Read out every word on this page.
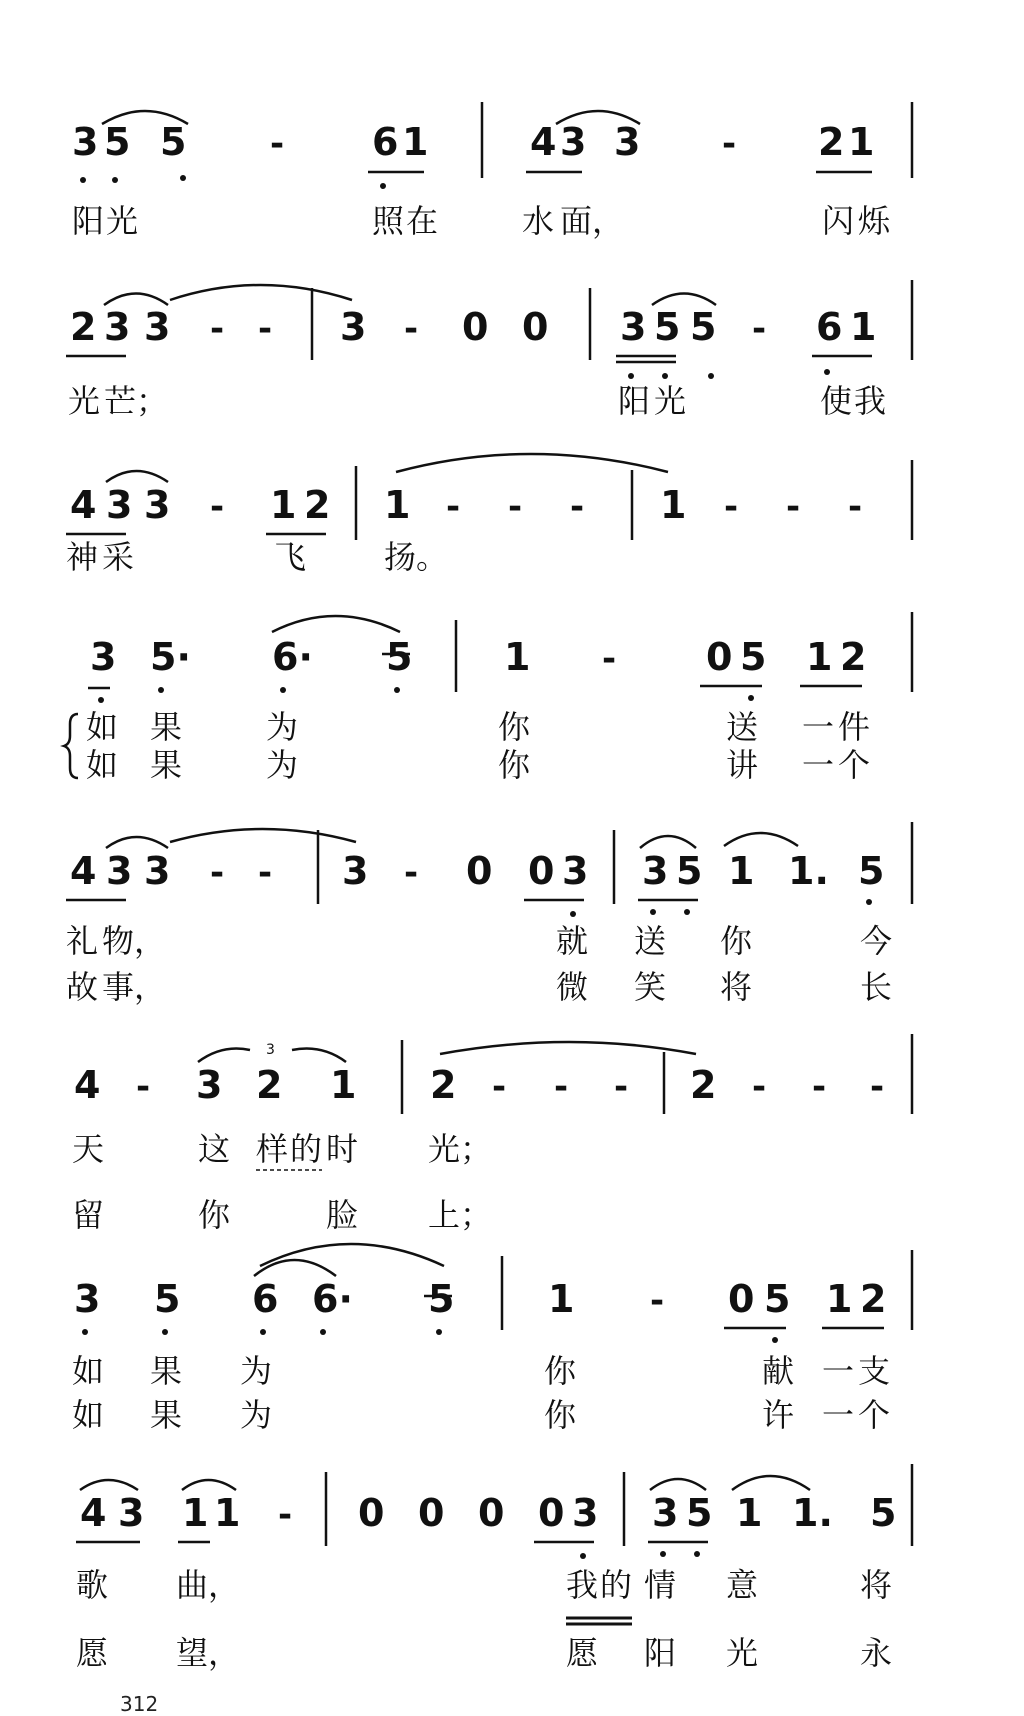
3 5 5 - 6 1	4 3 3 - 2 1
阳 光	照 在	水 面，	闪 烁
2 3 3 - - 3 - 0 0 3 5 5 - 6 1
光 芒；	阳 光	使 我
4 3 3 - 1 2 1 - - - 1 - - -
神 采	飞 扬。
3 5· 6· 5 1 - 0 5 1 2
如 果	为	你	送 一 件
如 果	为	你	讲 一 个
4 3 3 - - 3 - 0 0 3 3 5 1 1. 5
礼 物，	就 送 你	今
故 事，	微 笑 将	长
4 - 3 2 1 2 - - - 2 - - -
3
天	这 样 的 时 光；
留	你	脸 上；
3 5 6 6· 5 1 - 0 5 1 2
如 果 为	你	献 一 支
如 果 为	你	许 一 个
4 3 1 1 - 0 0 0 0 3 3 5 1 1. 5
歌 曲，	我 的 情 意	将
愿 望，	愿 阳 光	永
312
